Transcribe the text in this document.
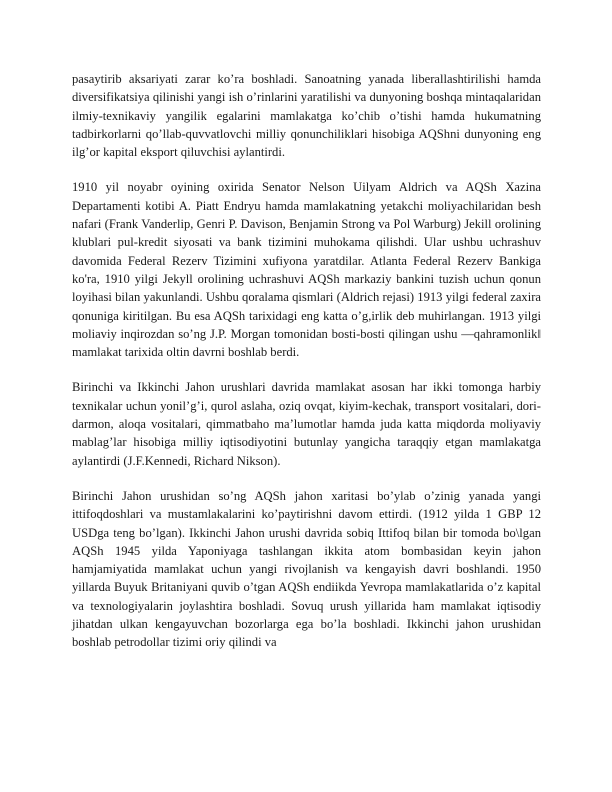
pasaytirib aksariyati zarar ko’ra boshladi. Sanoatning yanada liberallashtirilishi hamda diversifikatsiya qilinishi yangi ish o’rinlarini yaratilishi va dunyoning boshqa mintaqalaridan ilmiy-texnikaviy yangilik egalarini mamlakatga ko’chib o’tishi hamda hukumatning tadbirkorlarni qo’llab-quvvatlovchi milliy qonunchiliklari hisobiga AQShni dunyoning eng ilg’or kapital eksport qiluvchisi aylantirdi.

1910 yil noyabr oyining oxirida Senator Nelson Uilyam Aldrich va AQSh Xazina Departamenti kotibi A. Piatt Endryu hamda mamlakatning yetakchi moliyachilaridan besh nafari (Frank Vanderlip, Genri P. Davison, Benjamin Strong va Pol Warburg) Jekill orolining klublari pul-kredit siyosati va bank tizimini muhokama qilishdi. Ular ushbu uchrashuv davomida Federal Rezerv Tizimini xufiyona yaratdilar. Atlanta Federal Rezerv Bankiga ko'ra, 1910 yilgi Jekyll orolining uchrashuvi AQSh markaziy bankini tuzish uchun qonun loyihasi bilan yakunlandi. Ushbu qoralama qismlari (Aldrich rejasi) 1913 yilgi federal zaxira qonuniga kiritilgan. Bu esa AQSh tarixidagi eng katta o’g,irlik deb muhirlangan. 1913 yilgi moliaviy inqirozdan so’ng J.P. Morgan tomonidan bosti-bosti qilingan ushu ―qahramonlik‖ mamlakat tarixida oltin davrni boshlab berdi.

Birinchi va Ikkinchi Jahon urushlari davrida mamlakat asosan har ikki tomonga harbiy texnikalar uchun yonil’g’i, qurol aslaha, oziq ovqat, kiyim-kechak, transport vositalari, dori-darmon, aloqa vositalari, qimmatbaho ma’lumotlar hamda juda katta miqdorda moliyaviy mablag’lar hisobiga milliy iqtisodiyotini butunlay yangicha taraqqiy etgan mamlakatga aylantirdi (J.F.Kennedi, Richard Nikson).

Birinchi Jahon urushidan so’ng AQSh jahon xaritasi bo’ylab o’zinig yanada yangi ittifoqdoshlari va mustamlakalarini ko’paytirishni davom ettirdi. (1912 yilda 1 GBP 12 USDga teng bo’lgan). Ikkinchi Jahon urushi davrida sobiq Ittifoq bilan bir tomoda bo\lgan AQSh 1945 yilda Yaponiyaga tashlangan ikkita atom bombasidan keyin jahon hamjamiyatida mamlakat uchun yangi rivojlanish va kengayish davri boshlandi. 1950 yillarda Buyuk Britaniyani quvib o’tgan AQSh endiikda Yevropa mamlakatlarida o’z kapital va texnologiyalarin joylashtira boshladi. Sovuq urush yillarida ham mamlakat iqtisodiy jihatdan ulkan kengayuvchan bozorlarga ega bo’la boshladi. Ikkinchi jahon urushidan boshlab petrodollar tizimi oriy qilindi va
